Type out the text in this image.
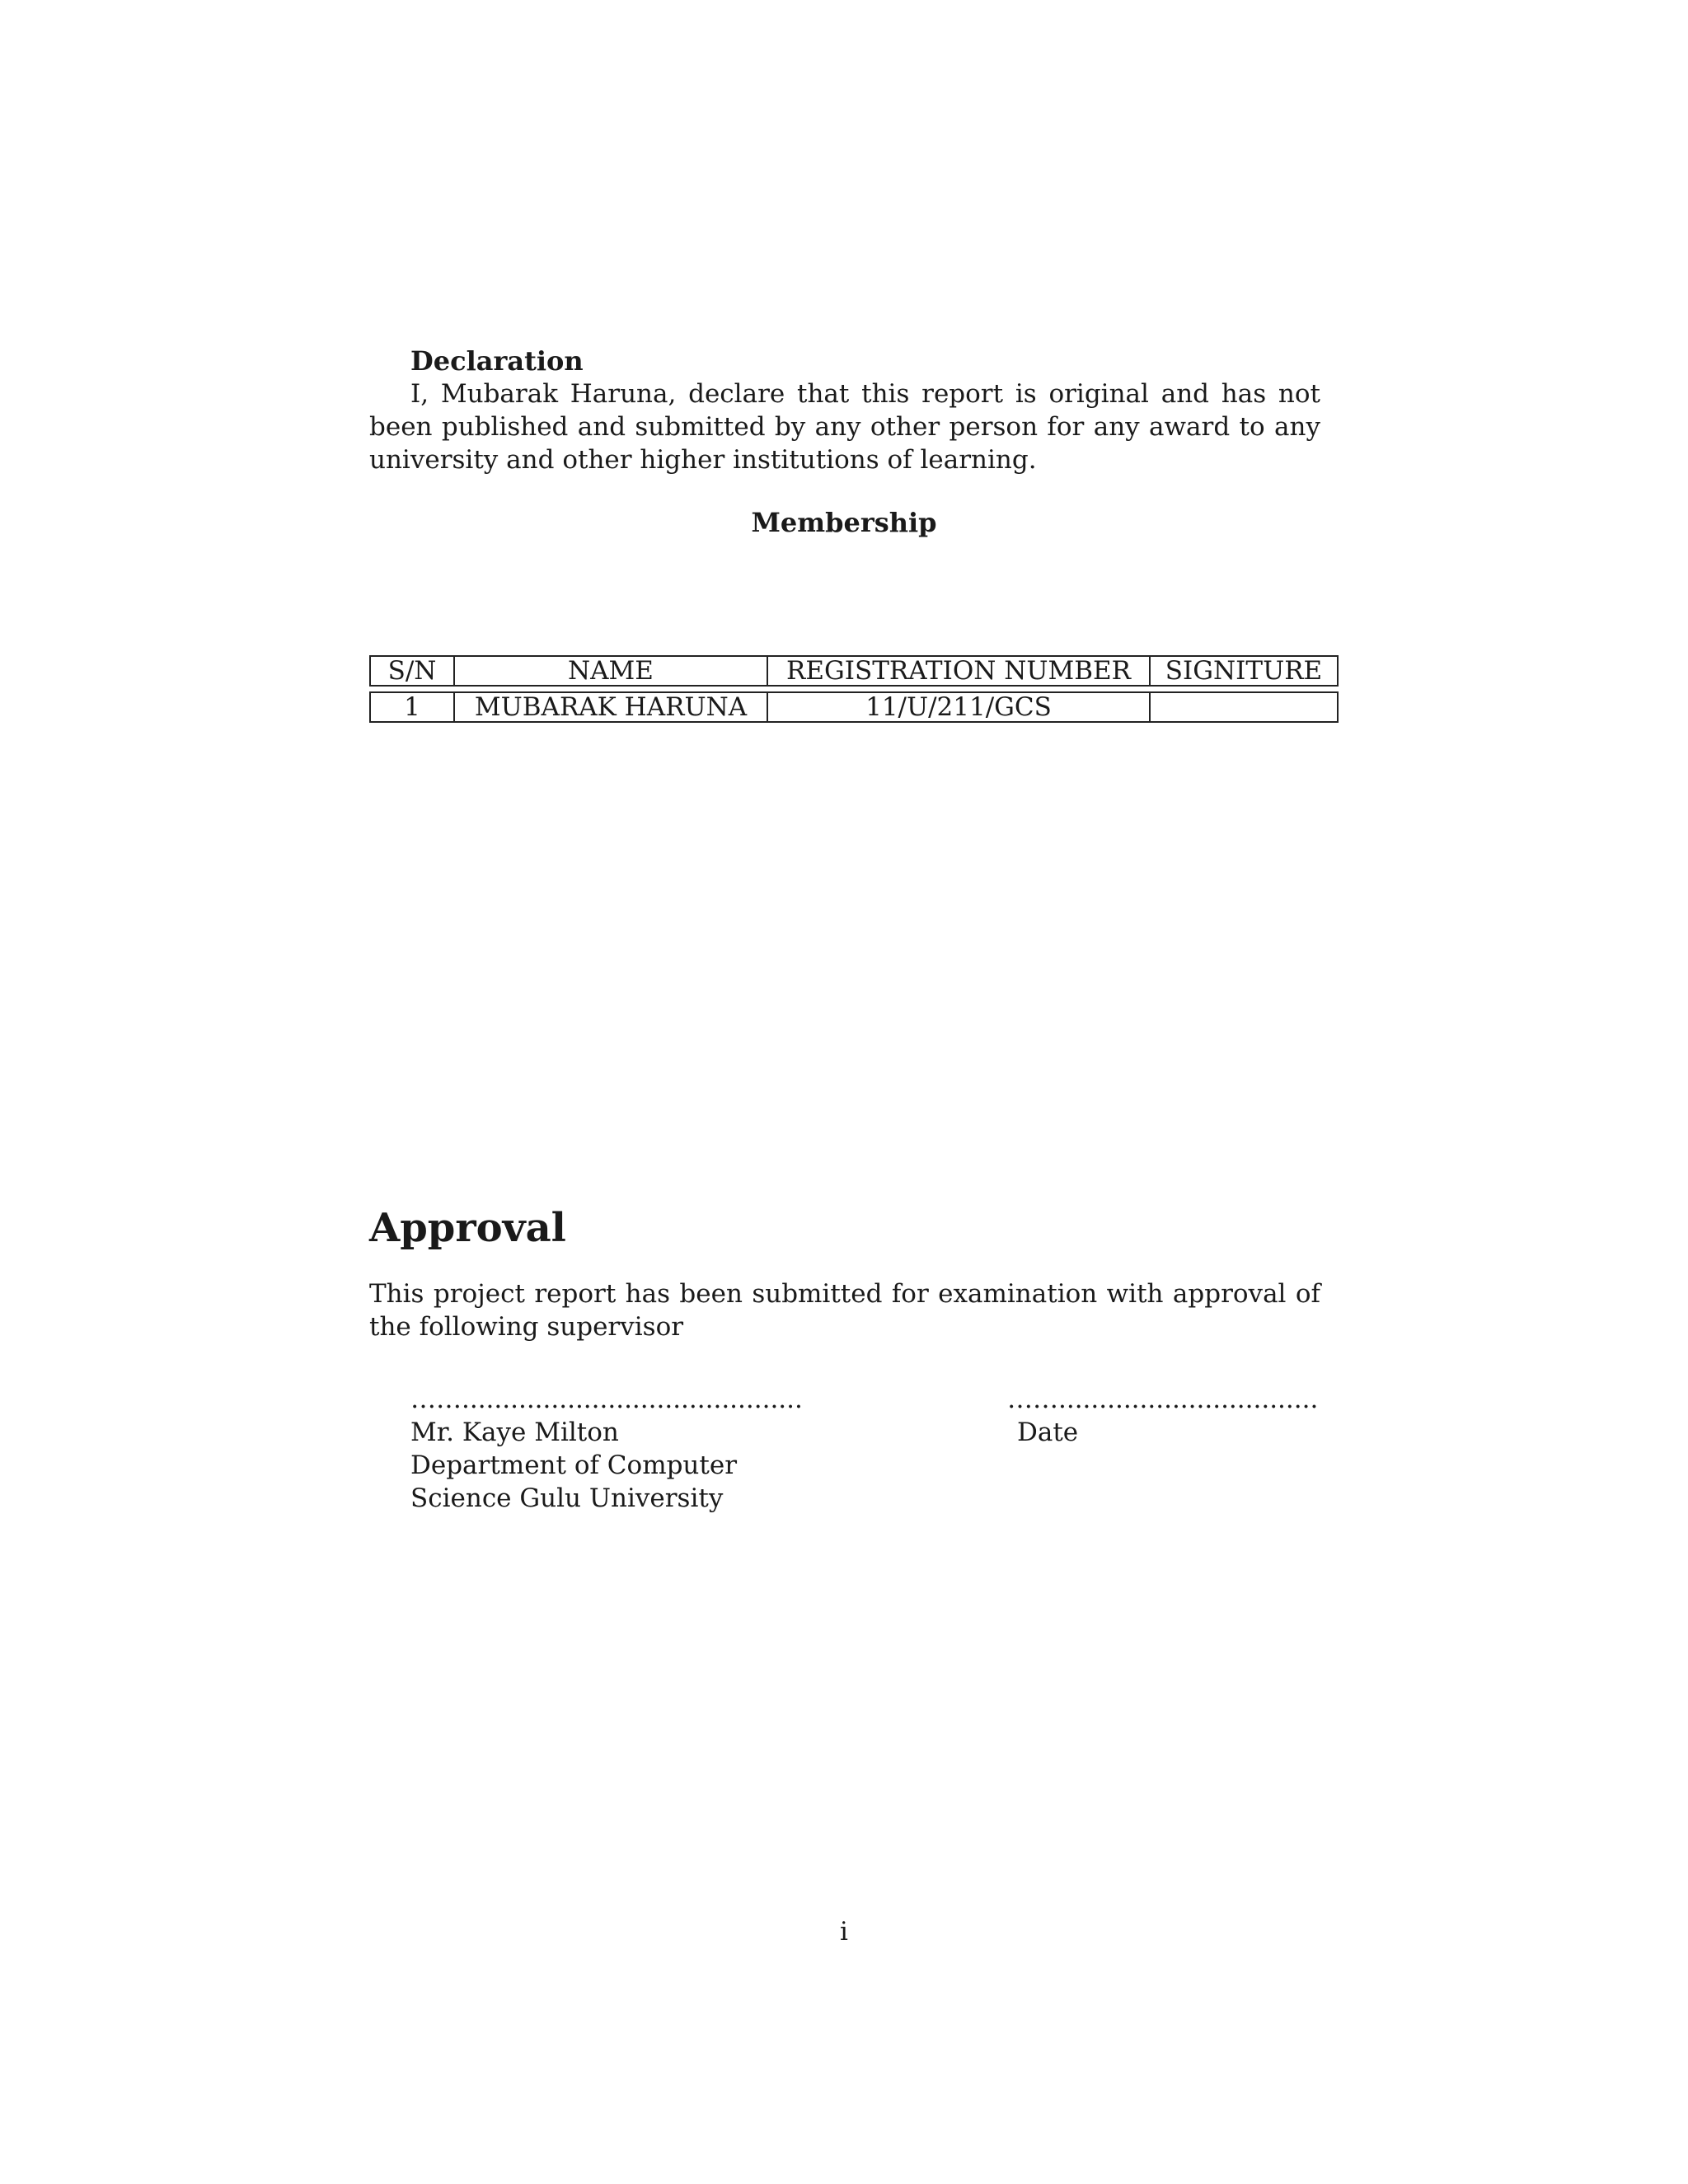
Declaration
I, Mubarak Haruna, declare that this report is original and has not been published and submitted by any other person for any award to any university and other higher institutions of learning.
Membership
S/N	NAME	REGISTRATION NUMBER	SIGNITURE
1	MUBARAK HARUNA	11/U/211/GCS
Approval
This project report has been submitted for examination with approval of the following supervisor
……..........................................
Mr. Kaye Milton
Department of Computer
Science Gulu University
……................................
Date
i
